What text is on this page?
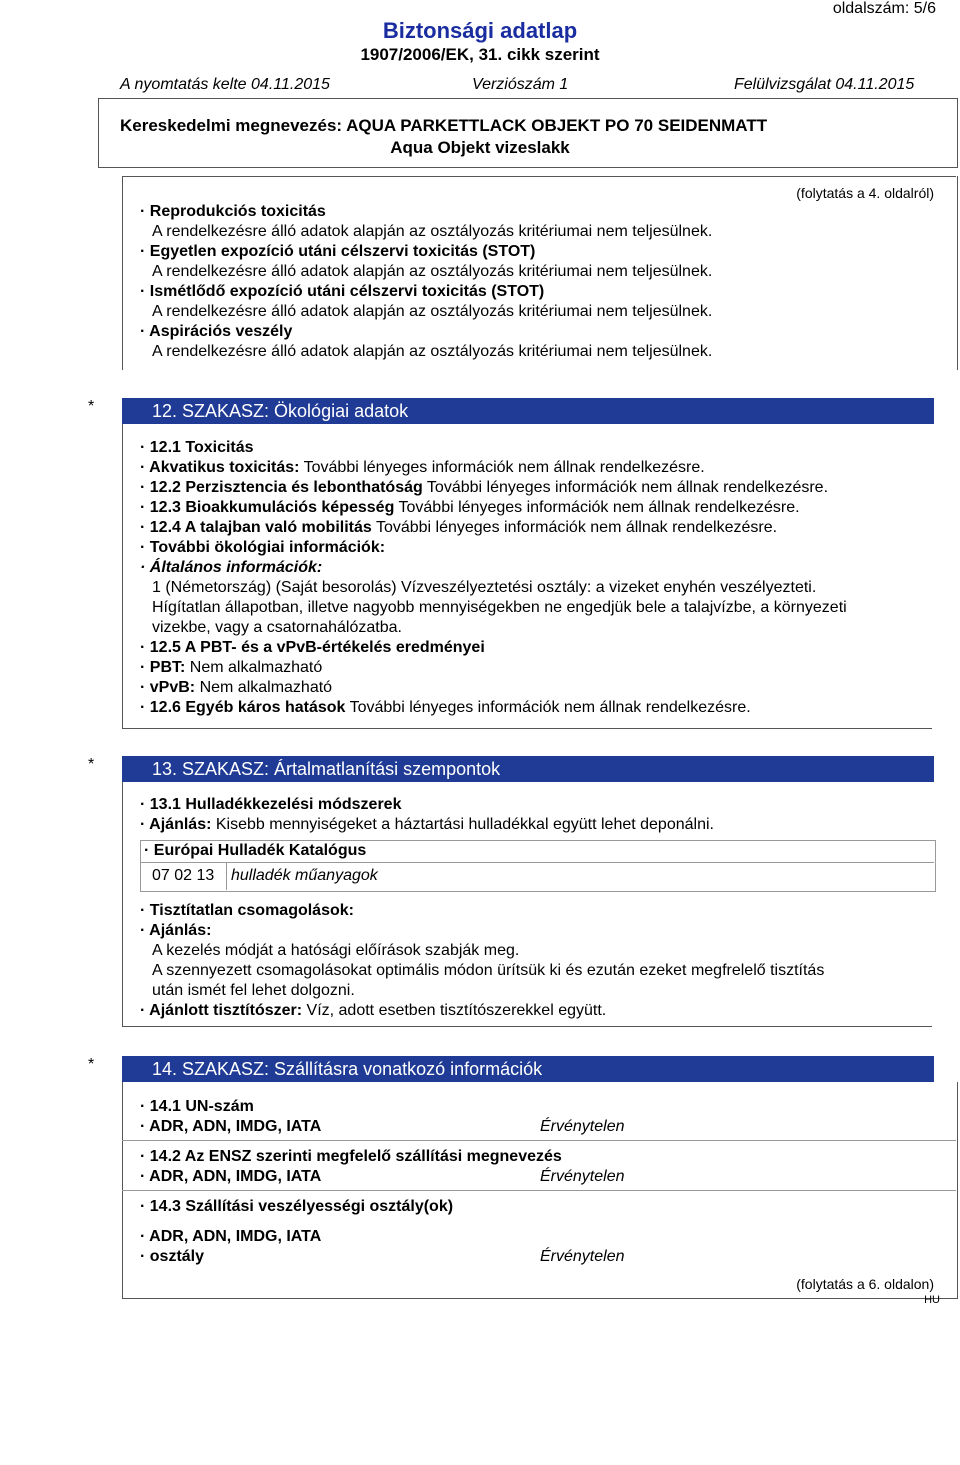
oldalszám: 5/6
Biztonsági adatlap
1907/2006/EK, 31. cikk szerint
A nyomtatás kelte 04.11.2015	Verziószám 1	Felülvizsgálat 04.11.2015
Kereskedelmi megnevezés: AQUA PARKETTLACK OBJEKT PO 70 SEIDENMATT
Aqua Objekt vizeslakk
(folytatás a 4. oldalról)
· Reprodukciós toxicitás
A rendelkezésre álló adatok alapján az osztályozás kritériumai nem teljesülnek.
· Egyetlen expozíció utáni célszervi toxicitás (STOT)
A rendelkezésre álló adatok alapján az osztályozás kritériumai nem teljesülnek.
· Ismétlődő expozíció utáni célszervi toxicitás (STOT)
A rendelkezésre álló adatok alapján az osztályozás kritériumai nem teljesülnek.
· Aspirációs veszély
A rendelkezésre álló adatok alapján az osztályozás kritériumai nem teljesülnek.
*	12. SZAKASZ: Ökológiai adatok
· 12.1 Toxicitás
· Akvatikus toxicitás: További lényeges információk nem állnak rendelkezésre.
· 12.2 Perzisztencia és lebonthatóság További lényeges információk nem állnak rendelkezésre.
· 12.3 Bioakkumulációs képesség További lényeges információk nem állnak rendelkezésre.
· 12.4 A talajban való mobilitás További lényeges információk nem állnak rendelkezésre.
· További ökológiai információk:
· Általános információk:
1 (Németország) (Saját besorolás) Vízveszélyeztetési osztály: a vizeket enyhén veszélyezteti.
Hígítatlan állapotban, illetve nagyobb mennyiségekben ne engedjük bele a talajvízbe, a környezeti
vizekbe, vagy a csatornahálózatba.
· 12.5 A PBT- és a vPvB-értékelés eredményei
· PBT: Nem alkalmazható
· vPvB: Nem alkalmazható
· 12.6 Egyéb káros hatások További lényeges információk nem állnak rendelkezésre.
*	13. SZAKASZ: Ártalmatlanítási szempontok
· 13.1 Hulladékkezelési módszerek
· Ajánlás: Kisebb mennyiségeket a háztartási hulladékkal együtt lehet deponálni.
· Európai Hulladék Katalógus
07 02 13 hulladék műanyagok
· Tisztítatlan csomagolások:
· Ajánlás:
A kezelés módját a hatósági előírások szabják meg.
A szennyezett csomagolásokat optimális módon ürítsük ki és ezután ezeket megfrelelő tisztítás
után ismét fel lehet dolgozni.
· Ajánlott tisztítószer: Víz, adott esetben tisztítószerekkel együtt.
*	14. SZAKASZ: Szállításra vonatkozó információk
· 14.1 UN-szám
· ADR, ADN, IMDG, IATA	Érvénytelen
· 14.2 Az ENSZ szerinti megfelelő szállítási megnevezés
· ADR, ADN, IMDG, IATA	Érvénytelen
· 14.3 Szállítási veszélyességi osztály(ok)
· ADR, ADN, IMDG, IATA
· osztály	Érvénytelen
(folytatás a 6. oldalon)
HU
